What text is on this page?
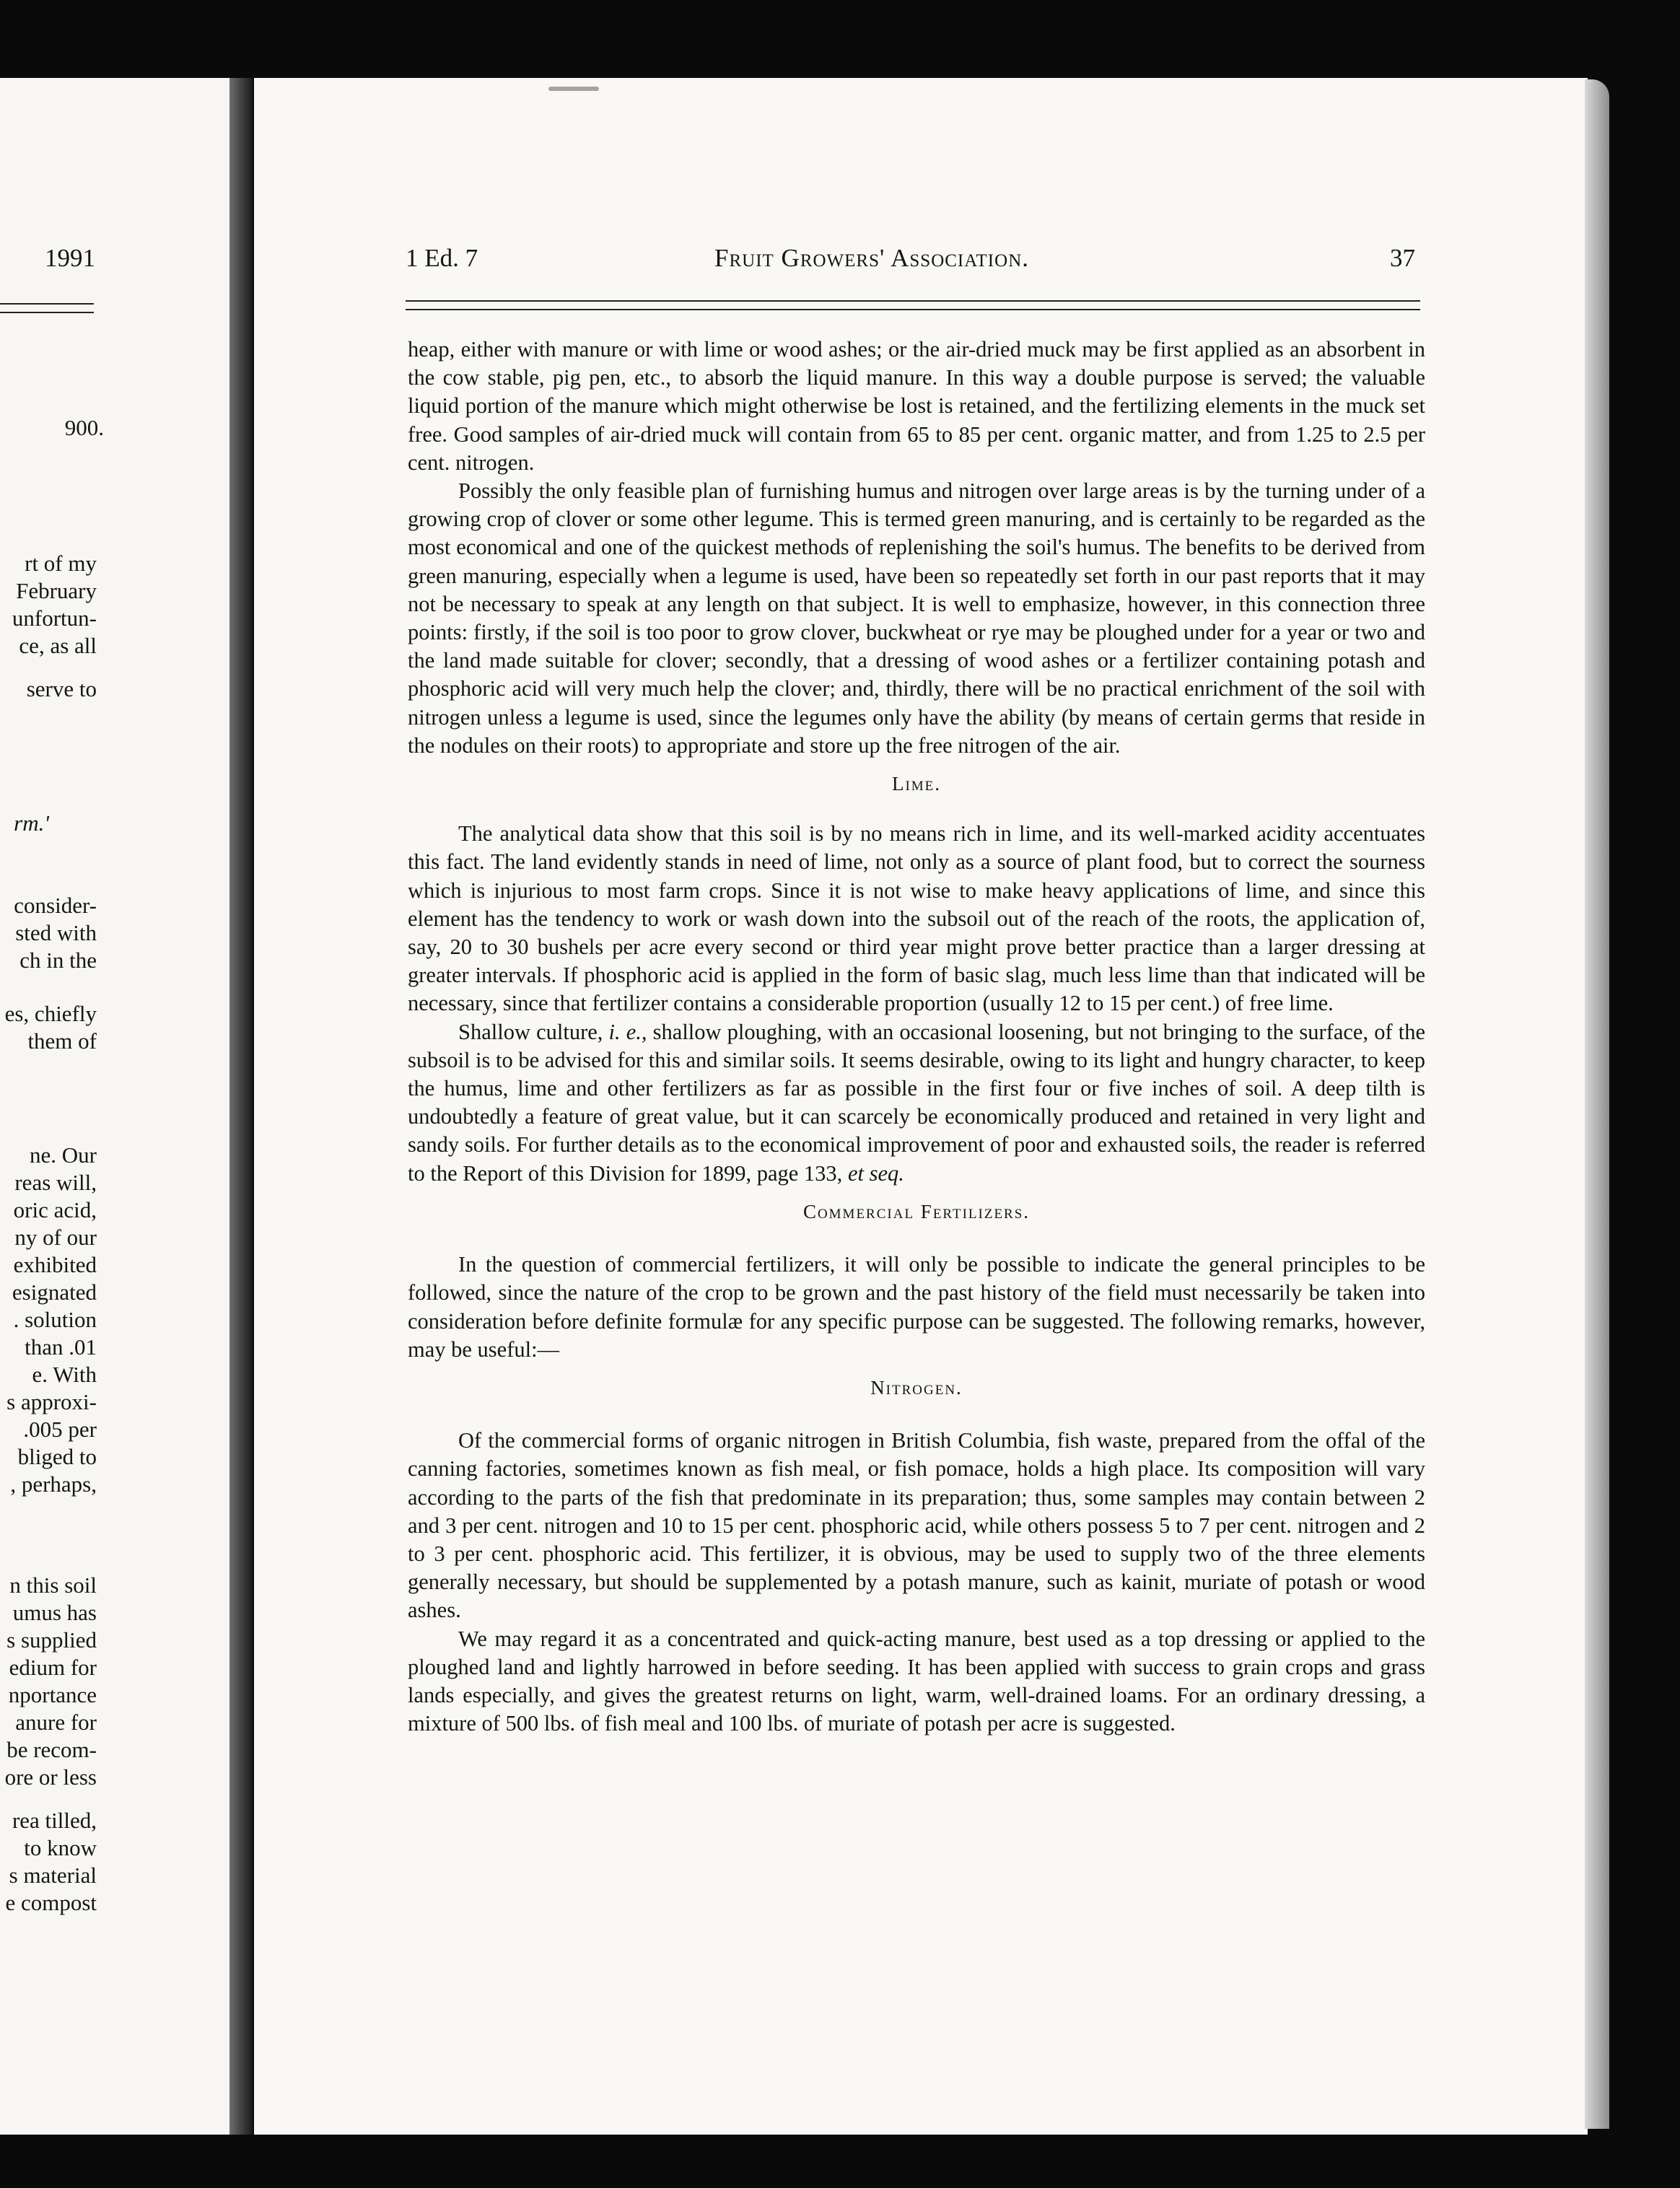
1991
900.
rt of my
February
unfortun-
ce, as all
serve to
rm.'
consider-
sted with
ch in the
es, chiefly
them of
ne. Our
reas will,
oric acid,
ny of our
exhibited
esignated
. solution
than .01
e. With
s approxi-
.005 per
bliged to
, perhaps,
n this soil
umus has
s supplied
edium for
nportance
anure for
be recom-
ore or less
rea tilled,
to know
s material
e compost
1 Ed. 7	Fruit Growers' Association.	37

heap, either with manure or with lime or wood ashes; or the air-dried muck may be first applied as an absorbent in the cow stable, pig pen, etc., to absorb the liquid manure. In this way a double purpose is served; the valuable liquid portion of the manure which might otherwise be lost is retained, and the fertilizing elements in the muck set free. Good samples of air-dried muck will contain from 65 to 85 per cent. organic matter, and from 1.25 to 2.5 per cent. nitrogen.

Possibly the only feasible plan of furnishing humus and nitrogen over large areas is by the turning under of a growing crop of clover or some other legume. This is termed green manuring, and is certainly to be regarded as the most economical and one of the quickest methods of replenishing the soil's humus. The benefits to be derived from green manuring, especially when a legume is used, have been so repeatedly set forth in our past reports that it may not be necessary to speak at any length on that subject. It is well to emphasize, however, in this connection three points: firstly, if the soil is too poor to grow clover, buckwheat or rye may be ploughed under for a year or two and the land made suitable for clover; secondly, that a dressing of wood ashes or a fertilizer containing potash and phosphoric acid will very much help the clover; and, thirdly, there will be no practical enrichment of the soil with nitrogen unless a legume is used, since the legumes only have the ability (by means of certain germs that reside in the nodules on their roots) to appropriate and store up the free nitrogen of the air.

Lime.

The analytical data show that this soil is by no means rich in lime, and its well-marked acidity accentuates this fact. The land evidently stands in need of lime, not only as a source of plant food, but to correct the sourness which is injurious to most farm crops. Since it is not wise to make heavy applications of lime, and since this element has the tendency to work or wash down into the subsoil out of the reach of the roots, the application of, say, 20 to 30 bushels per acre every second or third year might prove better practice than a larger dressing at greater intervals. If phosphoric acid is applied in the form of basic slag, much less lime than that indicated will be necessary, since that fertilizer contains a considerable proportion (usually 12 to 15 per cent.) of free lime.

Shallow culture, i. e., shallow ploughing, with an occasional loosening, but not bringing to the surface, of the subsoil is to be advised for this and similar soils. It seems desirable, owing to its light and hungry character, to keep the humus, lime and other fertilizers as far as possible in the first four or five inches of soil. A deep tilth is undoubtedly a feature of great value, but it can scarcely be economically produced and retained in very light and sandy soils. For further details as to the economical improvement of poor and exhausted soils, the reader is referred to the Report of this Division for 1899, page 133, et seq.

Commercial Fertilizers.

In the question of commercial fertilizers, it will only be possible to indicate the general principles to be followed, since the nature of the crop to be grown and the past history of the field must necessarily be taken into consideration before definite formulæ for any specific purpose can be suggested. The following remarks, however, may be useful:—

Nitrogen.

Of the commercial forms of organic nitrogen in British Columbia, fish waste, prepared from the offal of the canning factories, sometimes known as fish meal, or fish pomace, holds a high place. Its composition will vary according to the parts of the fish that predominate in its preparation; thus, some samples may contain between 2 and 3 per cent. nitrogen and 10 to 15 per cent. phosphoric acid, while others possess 5 to 7 per cent. nitrogen and 2 to 3 per cent. phosphoric acid. This fertilizer, it is obvious, may be used to supply two of the three elements generally necessary, but should be supplemented by a potash manure, such as kainit, muriate of potash or wood ashes.

We may regard it as a concentrated and quick-acting manure, best used as a top dressing or applied to the ploughed land and lightly harrowed in before seeding. It has been applied with success to grain crops and grass lands especially, and gives the greatest returns on light, warm, well-drained loams. For an ordinary dressing, a mixture of 500 lbs. of fish meal and 100 lbs. of muriate of potash per acre is suggested.
